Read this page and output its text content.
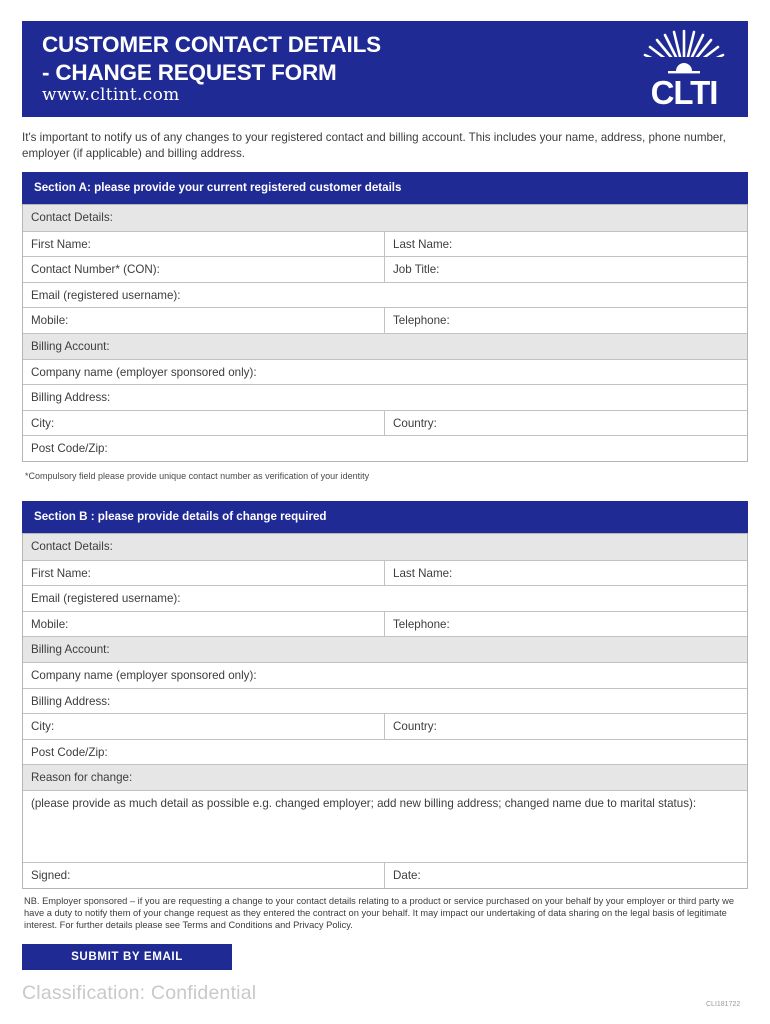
CUSTOMER CONTACT DETAILS
- CHANGE REQUEST FORM
www.cltint.com	CLTI
It's important to notify us of any changes to your registered contact and billing account. This includes your name, address, phone number, employer (if applicable) and billing address.
Section A: please provide your current registered customer details
Contact Details:
First Name:	Last Name:
Contact Number* (CON):	Job Title:
Email (registered username):
Mobile:	Telephone:
Billing Account:
Company name (employer sponsored only):
Billing Address:
City:	Country:
Post Code/Zip:
*Compulsory field please provide unique contact number as verification of your identity
Section B : please provide details of change required
Contact Details:
First Name:	Last Name:
Email (registered username):
Mobile:	Telephone:
Billing Account:
Company name (employer sponsored only):
Billing Address:
City:	Country:
Post Code/Zip:
Reason for change:
(please provide as much detail as possible e.g. changed employer; add new billing address; changed name due to marital status):
Signed:	Date:
NB. Employer sponsored – if you are requesting a change to your contact details relating to a product or service purchased on your behalf by your employer or third party we have a duty to notify them of your change request as they entered the contract on your behalf. It may impact our undertaking of data sharing on the legal basis of legitimate interest. For further details please see Terms and Conditions and Privacy Policy.
SUBMIT BY EMAIL
Classification: Confidential
CLI181722
